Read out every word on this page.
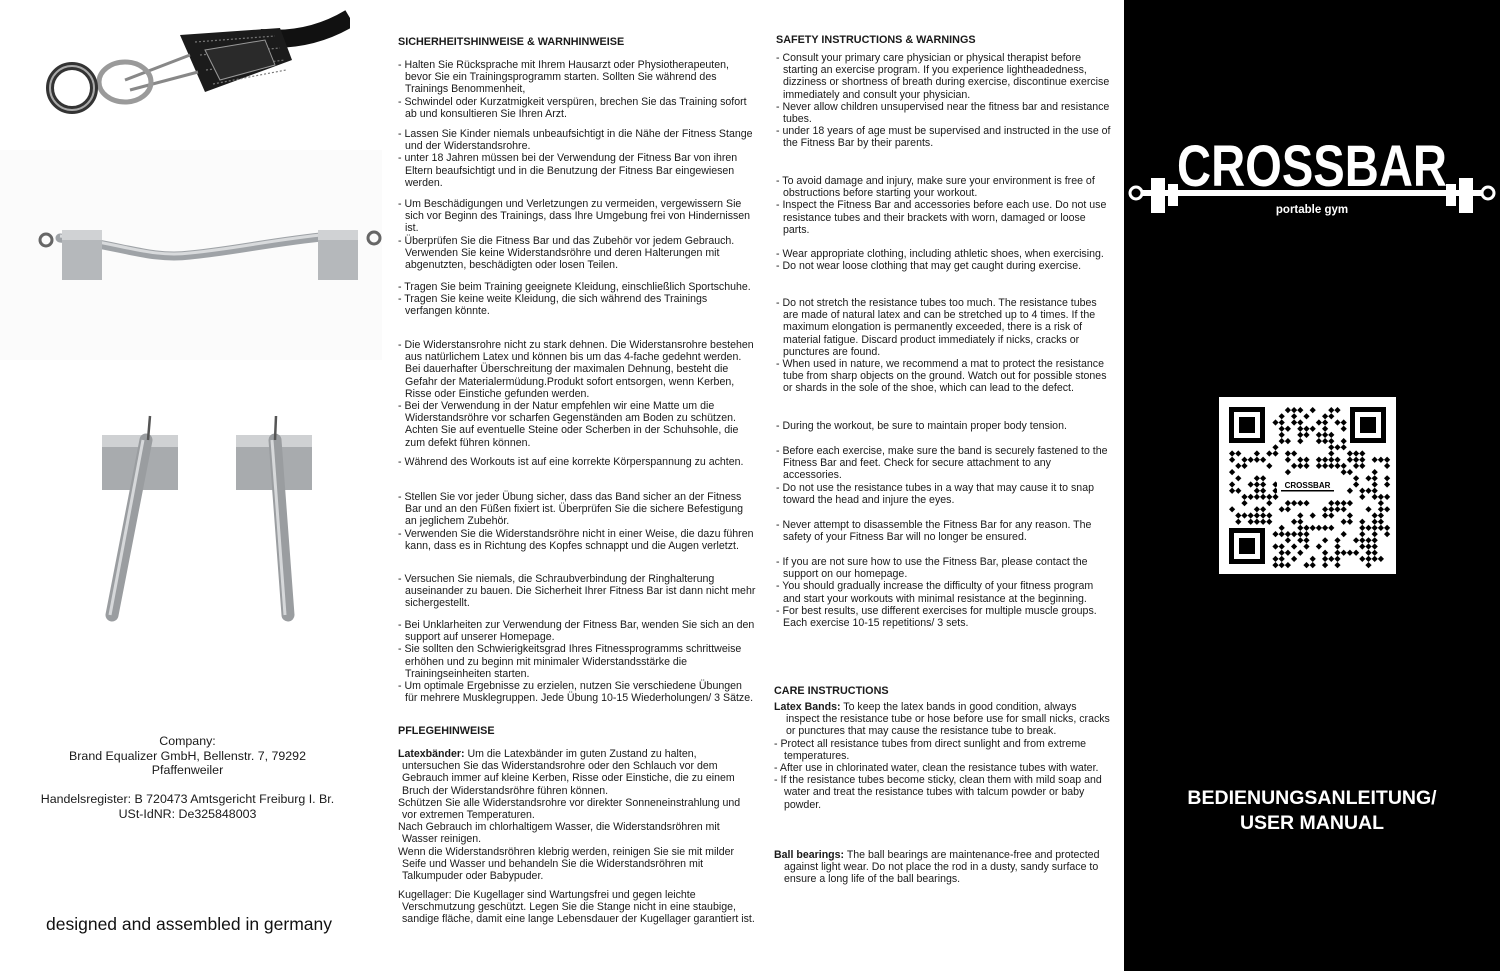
Company:

Brand Equalizer GmbH, Bellenstr. 7, 79292

Pfaffenweiler

Handelsregister: B 720473 Amtsgericht Freiburg I. Br.

USt-IdNR: De325848003

designed and assembled in germany

SICHERHEITSHINWEISE & WARNHINWEISE

- Halten Sie Rücksprache mit Ihrem Hausarzt oder Physiotherapeuten, bevor Sie ein Trainingsprogramm starten. Sollten Sie während des Trainings Benommenheit,

- Schwindel oder Kurzatmigkeit verspüren, brechen Sie das Training sofort ab und konsultieren Sie Ihren Arzt.

- Lassen Sie Kinder niemals unbeaufsichtigt in die Nähe der Fitness Stange und der Widerstandsrohre.

- unter 18 Jahren müssen bei der Verwendung der Fitness Bar von ihren Eltern beaufsichtigt und in die Benutzung der Fitness Bar eingewiesen werden.

- Um Beschädigungen und Verletzungen zu vermeiden, vergewissern Sie sich vor Beginn des Trainings, dass Ihre Umgebung frei von Hindernissen ist.

- Überprüfen Sie die Fitness Bar und das Zubehör vor jedem Gebrauch. Verwenden Sie keine Widerstandsröhre und deren Halterungen mit abgenutzten, beschädigten oder losen Teilen.

- Tragen Sie beim Training geeignete Kleidung, einschließlich Sportschuhe.

- Tragen Sie keine weite Kleidung, die sich während des Trainings verfangen könnte.

- Die Widerstansrohre nicht zu stark dehnen. Die Widerstansrohre bestehen aus natürlichem Latex und können bis um das 4-fache gedehnt werden. Bei dauerhafter Überschreitung der maximalen Dehnung, besteht die Gefahr der Materialermüdung.Produkt sofort entsorgen, wenn Kerben, Risse oder Einstiche gefunden werden.

- Bei der Verwendung in der Natur empfehlen wir eine Matte um die Widerstandsröhre vor scharfen Gegenständen am Boden zu schützen. Achten Sie auf eventuelle Steine oder Scherben in der Schuhsohle, die zum defekt führen können.

- Während des Workouts ist auf eine korrekte Körperspannung zu achten.

- Stellen Sie vor jeder Übung sicher, dass das Band sicher an der Fitness Bar und an den Füßen fixiert ist. Überprüfen Sie die sichere Befestigung an jeglichem Zubehör.

- Verwenden Sie die Widerstandsröhre nicht in einer Weise, die dazu führen kann, dass es in Richtung des Kopfes schnappt und die Augen verletzt.

- Versuchen Sie niemals, die Schraubverbindung der Ringhalterung auseinander zu bauen. Die Sicherheit Ihrer Fitness Bar ist dann nicht mehr sichergestellt.

- Bei Unklarheiten zur Verwendung der Fitness Bar, wenden Sie sich an den support auf unserer Homepage.

- Sie sollten den Schwierigkeitsgrad Ihres Fitnessprogramms schrittweise erhöhen und zu beginn mit minimaler Widerstandsstärke die Trainingseinheiten starten.

- Um optimale Ergebnisse zu erzielen, nutzen Sie verschiedene Übungen für mehrere Musklegruppen. Jede Übung 10-15 Wiederholungen/ 3 Sätze.

PFLEGEHINWEISE

Latexbänder: Um die Latexbänder im guten Zustand zu halten, untersuchen Sie das Widerstandsrohre oder den Schlauch vor dem Gebrauch immer auf kleine Kerben, Risse oder Einstiche, die zu einem Bruch der Widerstandsröhre führen können.

Schützen Sie alle Widerstandsrohre vor direkter Sonneneinstrahlung und vor extremen Temperaturen.

Nach Gebrauch im chlorhaltigem Wasser, die Widerstandsröhren mit Wasser reinigen.

Wenn die Widerstandsröhren klebrig werden, reinigen Sie sie mit milder Seife und Wasser und behandeln Sie die Widerstandsröhren mit Talkumpuder oder Babypuder.

Kugellager: Die Kugellager sind Wartungsfrei und gegen leichte Verschmutzung geschützt. Legen Sie die Stange nicht in eine staubige, sandige fläche, damit eine lange Lebensdauer der Kugellager garantiert ist.

SAFETY INSTRUCTIONS & WARNINGS

- Consult your primary care physician or physical therapist before starting an exercise program. If you experience lightheadedness, dizziness or shortness of breath during exercise, discontinue exercise immediately and consult your physician.

- Never allow children unsupervised near the fitness bar and resistance tubes.

- under 18 years of age must be supervised and instructed in the use of the Fitness Bar by their parents.

- To avoid damage and injury, make sure your environment is free of obstructions before starting your workout.

- Inspect the Fitness Bar and accessories before each use. Do not use resistance tubes and their brackets with worn, damaged or loose parts.

- Wear appropriate clothing, including athletic shoes, when exercising.

- Do not wear loose clothing that may get caught during exercise.

- Do not stretch the resistance tubes too much. The resistance tubes are made of natural latex and can be stretched up to 4 times. If the maximum elongation is permanently exceeded, there is a risk of material fatigue. Discard product immediately if nicks, cracks or punctures are found.

- When used in nature, we recommend a mat to protect the resistance tube from sharp objects on the ground. Watch out for possible stones or shards in the sole of the shoe, which can lead to the defect.

- During the workout, be sure to maintain proper body tension.

- Before each exercise, make sure the band is securely fastened to the Fitness Bar and feet. Check for secure attachment to any accessories.

- Do not use the resistance tubes in a way that may cause it to snap toward the head and injure the eyes.

- Never attempt to disassemble the Fitness Bar for any reason. The safety of your Fitness Bar will no longer be ensured.

- If you are not sure how to use the Fitness Bar, please contact the support on our homepage.

- You should gradually increase the difficulty of your fitness program and start your workouts with minimal resistance at the beginning.

- For best results, use different exercises for multiple muscle groups. Each exercise 10-15 repetitions/ 3 sets.

CARE INSTRUCTIONS

Latex Bands: To keep the latex bands in good condition, always inspect the resistance tube or hose before use for small nicks, cracks or punctures that may cause the resistance tube to break.

- Protect all resistance tubes from direct sunlight and from extreme temperatures.

- After use in chlorinated water, clean the resistance tubes with water.

- If the resistance tubes become sticky, clean them with mild soap and water and treat the resistance tubes with talcum powder or baby powder.

Ball bearings: The ball bearings are maintenance-free and protected against light wear. Do not place the rod in a dusty, sandy surface to ensure a long life of the ball bearings.

CROSSBAR
portable gym
CROSSBAR
BEDIENUNGSANLEITUNG/
USER MANUAL
